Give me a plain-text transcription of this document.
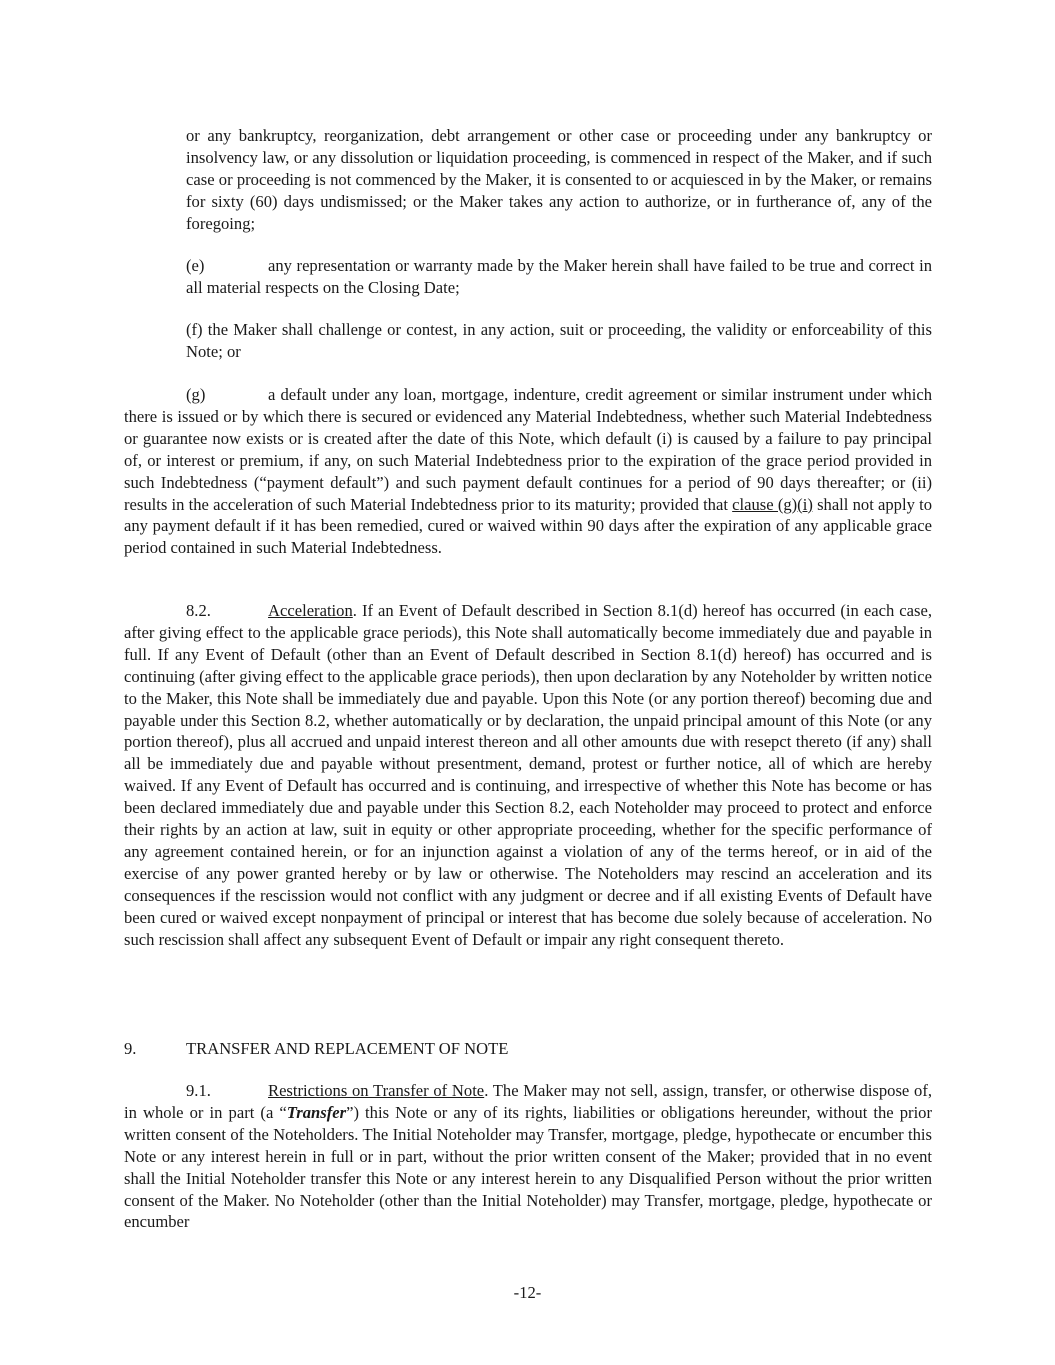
or any bankruptcy, reorganization, debt arrangement or other case or proceeding under any bankruptcy or insolvency law, or any dissolution or liquidation proceeding, is commenced in respect of the Maker, and if such case or proceeding is not commenced by the Maker, it is consented to or acquiesced in by the Maker, or remains for sixty (60) days undismissed; or the Maker takes any action to authorize, or in furtherance of, any of the foregoing;

(e)	any representation or warranty made by the Maker herein shall have failed to be true and correct in all material respects on the Closing Date;

(f) the Maker shall challenge or contest, in any action, suit or proceeding, the validity or enforceability of this Note; or

(g)	a default under any loan, mortgage, indenture, credit agreement or similar instrument under which there is issued or by which there is secured or evidenced any Material Indebtedness, whether such Material Indebtedness or guarantee now exists or is created after the date of this Note, which default (i) is caused by a failure to pay principal of, or interest or premium, if any, on such Material Indebtedness prior to the expiration of the grace period provided in such Indebtedness (“payment default”) and such payment default continues for a period of 90 days thereafter; or (ii) results in the acceleration of such Material Indebtedness prior to its maturity; provided that clause (g)(i) shall not apply to any payment default if it has been remedied, cured or waived within 90 days after the expiration of any applicable grace period contained in such Material Indebtedness.

8.2.	Acceleration. If an Event of Default described in Section 8.1(d) hereof has occurred (in each case, after giving effect to the applicable grace periods), this Note shall automatically become immediately due and payable in full. If any Event of Default (other than an Event of Default described in Section 8.1(d) hereof) has occurred and is continuing (after giving effect to the applicable grace periods), then upon declaration by any Noteholder by written notice to the Maker, this Note shall be immediately due and payable. Upon this Note (or any portion thereof) becoming due and payable under this Section 8.2, whether automatically or by declaration, the unpaid principal amount of this Note (or any portion thereof), plus all accrued and unpaid interest thereon and all other amounts due with resepct thereto (if any) shall all be immediately due and payable without presentment, demand, protest or further notice, all of which are hereby waived. If any Event of Default has occurred and is continuing, and irrespective of whether this Note has become or has been declared immediately due and payable under this Section 8.2, each Noteholder may proceed to protect and enforce their rights by an action at law, suit in equity or other appropriate proceeding, whether for the specific performance of any agreement contained herein, or for an injunction against a violation of any of the terms hereof, or in aid of the exercise of any power granted hereby or by law or otherwise. The Noteholders may rescind an acceleration and its consequences if the rescission would not conflict with any judgment or decree and if all existing Events of Default have been cured or waived except nonpayment of principal or interest that has become due solely because of acceleration. No such rescission shall affect any subsequent Event of Default or impair any right consequent thereto.

9.	TRANSFER AND REPLACEMENT OF NOTE

9.1.	Restrictions on Transfer of Note. The Maker may not sell, assign, transfer, or otherwise dispose of, in whole or in part (a “Transfer”) this Note or any of its rights, liabilities or obligations hereunder, without the prior written consent of the Noteholders. The Initial Noteholder may Transfer, mortgage, pledge, hypothecate or encumber this Note or any interest herein in full or in part, without the prior written consent of the Maker; provided that in no event shall the Initial Noteholder transfer this Note or any interest herein to any Disqualified Person without the prior written consent of the Maker. No Noteholder (other than the Initial Noteholder) may Transfer, mortgage, pledge, hypothecate or encumber

-12-
